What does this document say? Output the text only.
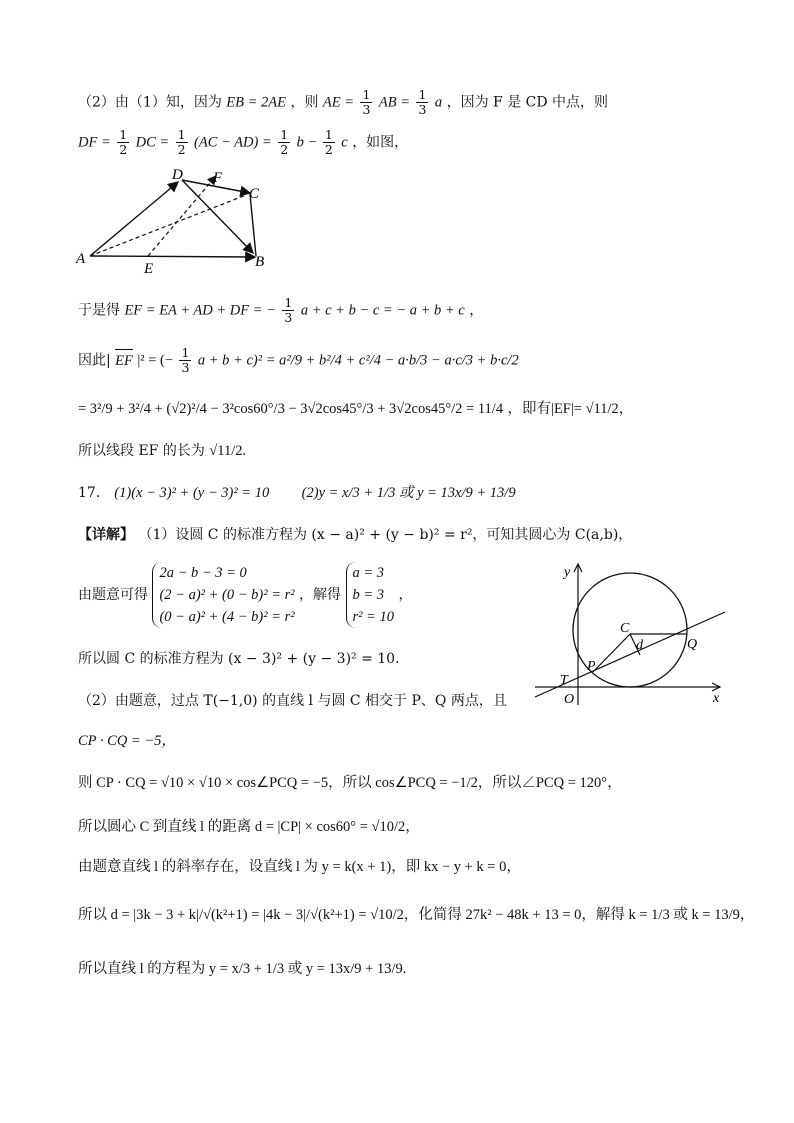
（2）由（1）知，因为 EB = 2AE ，则 AE = $\frac{1}{3}$ AB = $\frac{1}{3}$ a ，因为 F 是 CD 中点，则
DF = $\frac{1}{2}$ DC = $\frac{1}{2} (AC - AD) = \frac{1}{2}$ $b - \frac{1}{2}$ c ，如图，
A	B
C
D
E
F
于是得 EF = EA + AD + DF = − $\frac{1}{3}$ a + c + b − c = − a + b + c ，
因此| EF |² = (− $\frac{1}{3}$ a + b + c)² = a²/9 + b²/4 + c²/4 − a·b/3 − a·c/3 + b·c/2
= 3²/9 + 3²/4 + (√2)²/4 − 3²cos60°/3 − 3√2cos45°/3 + 3√2cos45°/2 = 11/4 ，即有|EF|= √11/2，
所以线段 EF 的长为 √11/2.
17． (1)(x − 3)² + (y − 3)² = 10 (2)y = x/3 + 1/3 或 y = 13x/9 + 13/9
【详解】 （1）设圆 C 的标准方程为 (x − a)² + (y − b)² = r²，可知其圆心为 C(a,b)，
由题意可得
2a − b − 3 = 0
(2 − a)² + (0 − b)² = r²
(0 − a)² + (4 − b)² = r²
，解得
a = 3
b = 3
r² = 10
，
所以圆 C 的标准方程为 (x − 3)² + (y − 3)² = 10.
（2）由题意，过点 T(−1,0) 的直线 l 与圆 C 相交于 P、Q 两点，且
CP · CQ = −5，
则 CP · CQ = √10 × √10 × cos∠PCQ = −5，所以 cos∠PCQ = −1/2，所以∠PCQ = 120°，
所以圆心 C 到直线 l 的距离 d = |CP| × cos60° = √10/2，
由题意直线 l 的斜率存在，设直线 l 为 y = k(x + 1)，即 kx − y + k = 0，
所以 d = |3k − 3 + k|/√(k²+1) = |4k − 3|/√(k²+1) = √10/2，化简得 27k² − 48k + 13 = 0，解得 k = 1/3 或 k = 13/9，
所以直线 l 的方程为 y = x/3 + 1/3 或 y = 13x/9 + 13/9.
T
P
C
d	Q
O
y
x
